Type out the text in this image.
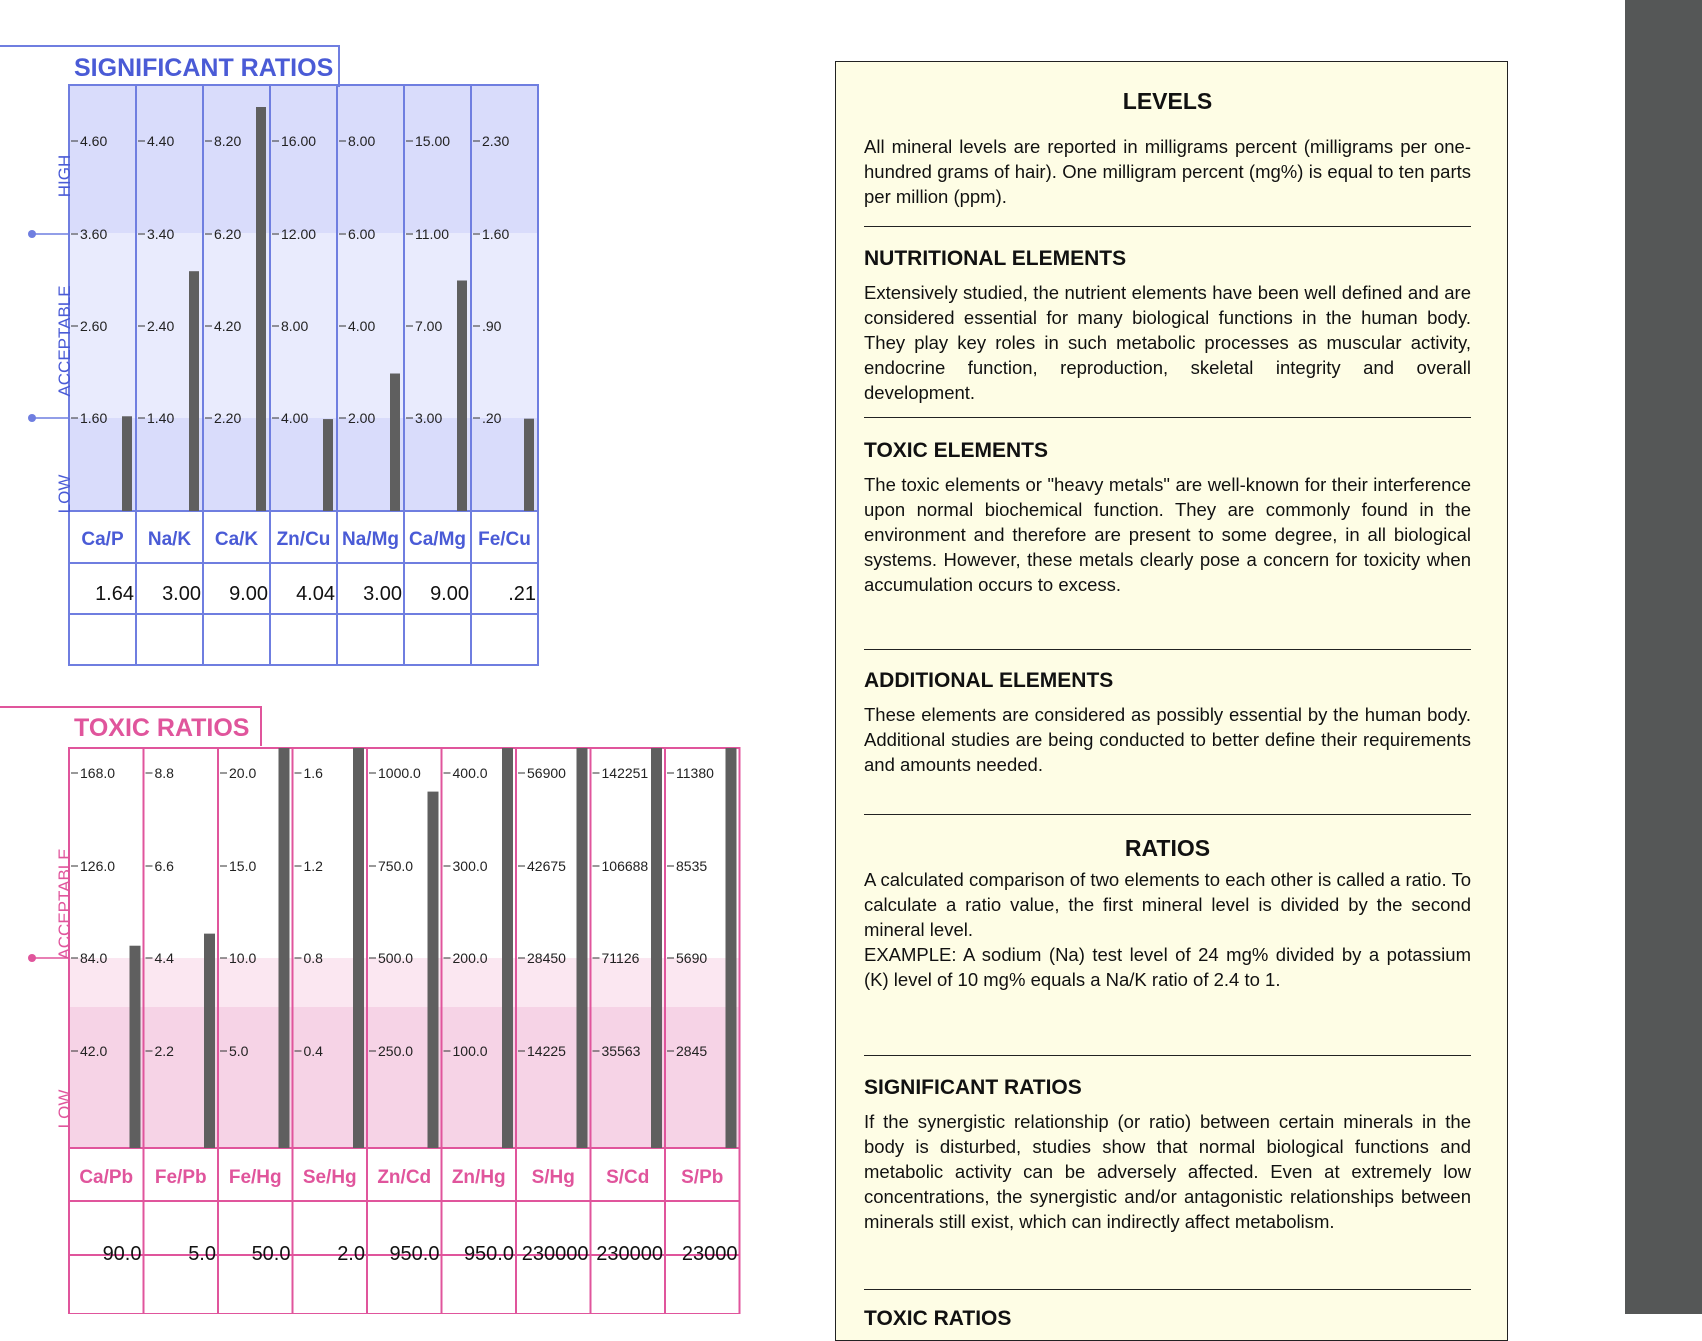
SIGNIFICANT RATIOS
HIGH
ACCEPTABLE
LOW
4.60
3.60
2.60
1.60
Ca/P
1.64
4.40
3.40
2.40
1.40
Na/K
3.00
8.20
6.20
4.20
2.20
Ca/K
9.00
16.00
12.00
8.00
4.00
Zn/Cu
4.04
8.00
6.00
4.00
2.00
Na/Mg
3.00
15.00
11.00
7.00
3.00
Ca/Mg
9.00
2.30
1.60
.90
.20
Fe/Cu
.21
TOXIC RATIOS
ACCEPTABLE
LOW
168.0
126.0
84.0
42.0
Ca/Pb
90.0
8.8
6.6
4.4
2.2
Fe/Pb
5.0
20.0
15.0
10.0
5.0
Fe/Hg
50.0
1.6
1.2
0.8
0.4
Se/Hg
2.0
1000.0
750.0
500.0
250.0
Zn/Cd
950.0
400.0
300.0
200.0
100.0
Zn/Hg
950.0
56900
42675
28450
14225
S/Hg
230000
142251
106688
71126
35563
S/Cd
230000
11380
8535
5690
2845
S/Pb
23000
LEVELS

All mineral levels are reported in milligrams percent (milligrams per one-hundred grams of hair). One milligram percent (mg%) is equal to ten parts per million (ppm).

NUTRITIONAL ELEMENTS

Extensively studied, the nutrient elements have been well defined and are considered essential for many biological functions in the human body. They play key roles in such metabolic processes as muscular activity, endocrine function, reproduction, skeletal integrity and overall development.

TOXIC ELEMENTS

The toxic elements or "heavy metals" are well-known for their interference upon normal biochemical function. They are commonly found in the environment and therefore are present to some degree, in all biological systems. However, these metals clearly pose a concern for toxicity when accumulation occurs to excess.

ADDITIONAL ELEMENTS

These elements are considered as possibly essential by the human body. Additional studies are being conducted to better define their requirements and amounts needed.

RATIOS

A calculated comparison of two elements to each other is called a ratio. To calculate a ratio value, the first mineral level is divided by the second mineral level.

EXAMPLE: A sodium (Na) test level of 24 mg% divided by a potassium (K) level of 10 mg% equals a Na/K ratio of 2.4 to 1.

SIGNIFICANT RATIOS

If the synergistic relationship (or ratio) between certain minerals in the body is disturbed, studies show that normal biological functions and metabolic activity can be adversely affected. Even at extremely low concentrations, the synergistic and/or antagonistic relationships between minerals still exist, which can indirectly affect metabolism.

TOXIC RATIOS
